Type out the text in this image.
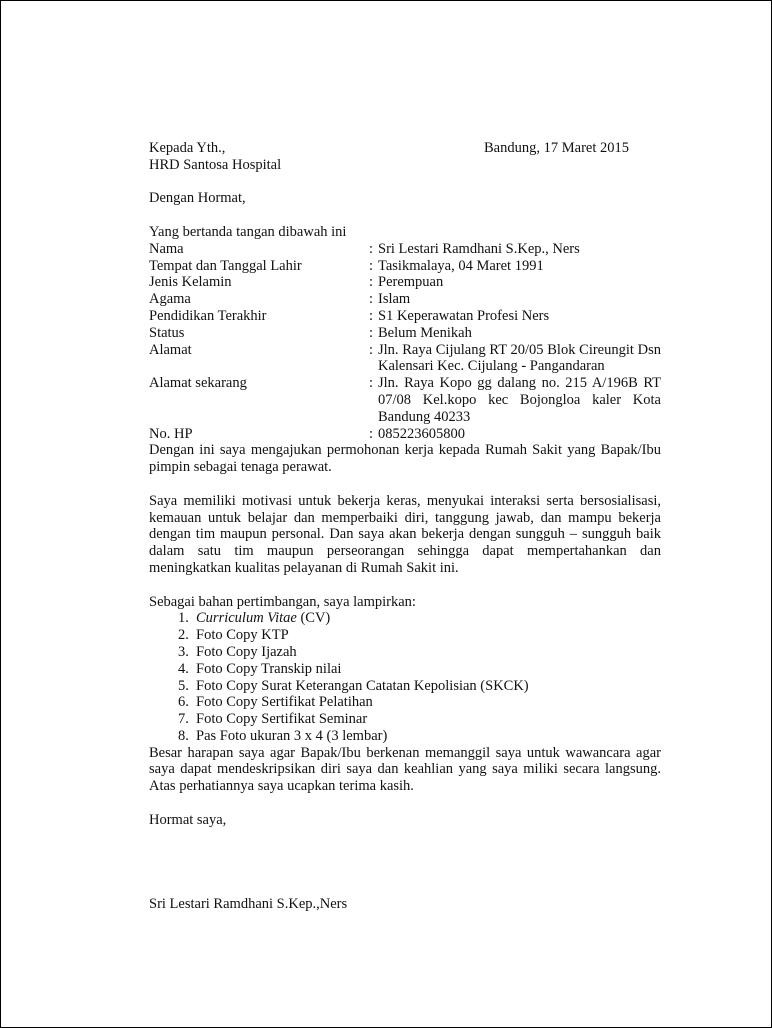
Kepada Yth.,	Bandung, 17 Maret 2015
HRD Santosa Hospital
Dengan Hormat,
Yang bertanda tangan dibawah ini
Nama	: Sri Lestari Ramdhani S.Kep., Ners
Tempat dan Tanggal Lahir	: Tasikmalaya, 04 Maret 1991
Jenis Kelamin	: Perempuan
Agama	: Islam
Pendidikan Terakhir	: S1 Keperawatan Profesi Ners
Status	: Belum Menikah
Alamat	: Jln. Raya Cijulang RT 20/05 Blok Cireungit Dsn Kalensari Kec. Cijulang - Pangandaran
Alamat sekarang	: Jln. Raya Kopo gg dalang no. 215 A/196B RT 07/08 Kel.kopo kec Bojongloa kaler Kota Bandung 40233
No. HP	: 085223605800
Dengan ini saya mengajukan permohonan kerja kepada Rumah Sakit yang Bapak/Ibu pimpin sebagai tenaga perawat.
Saya memiliki motivasi untuk bekerja keras, menyukai interaksi serta bersosialisasi, kemauan untuk belajar dan memperbaiki diri, tanggung jawab, dan mampu bekerja dengan tim maupun personal. Dan saya akan bekerja dengan sungguh – sungguh baik dalam satu tim maupun perseorangan sehingga dapat mempertahankan dan meningkatkan kualitas pelayanan di Rumah Sakit ini.
Sebagai bahan pertimbangan, saya lampirkan:
1. Curriculum Vitae (CV)
2. Foto Copy KTP
3. Foto Copy Ijazah
4. Foto Copy Transkip nilai
5. Foto Copy Surat Keterangan Catatan Kepolisian (SKCK)
6. Foto Copy Sertifikat Pelatihan
7. Foto Copy Sertifikat Seminar
8. Pas Foto ukuran 3 x 4 (3 lembar)
Besar harapan saya agar Bapak/Ibu berkenan memanggil saya untuk wawancara agar saya dapat mendeskripsikan diri saya dan keahlian yang saya miliki secara langsung. Atas perhatiannya saya ucapkan terima kasih.
Hormat saya,
Sri Lestari Ramdhani S.Kep.,Ners
